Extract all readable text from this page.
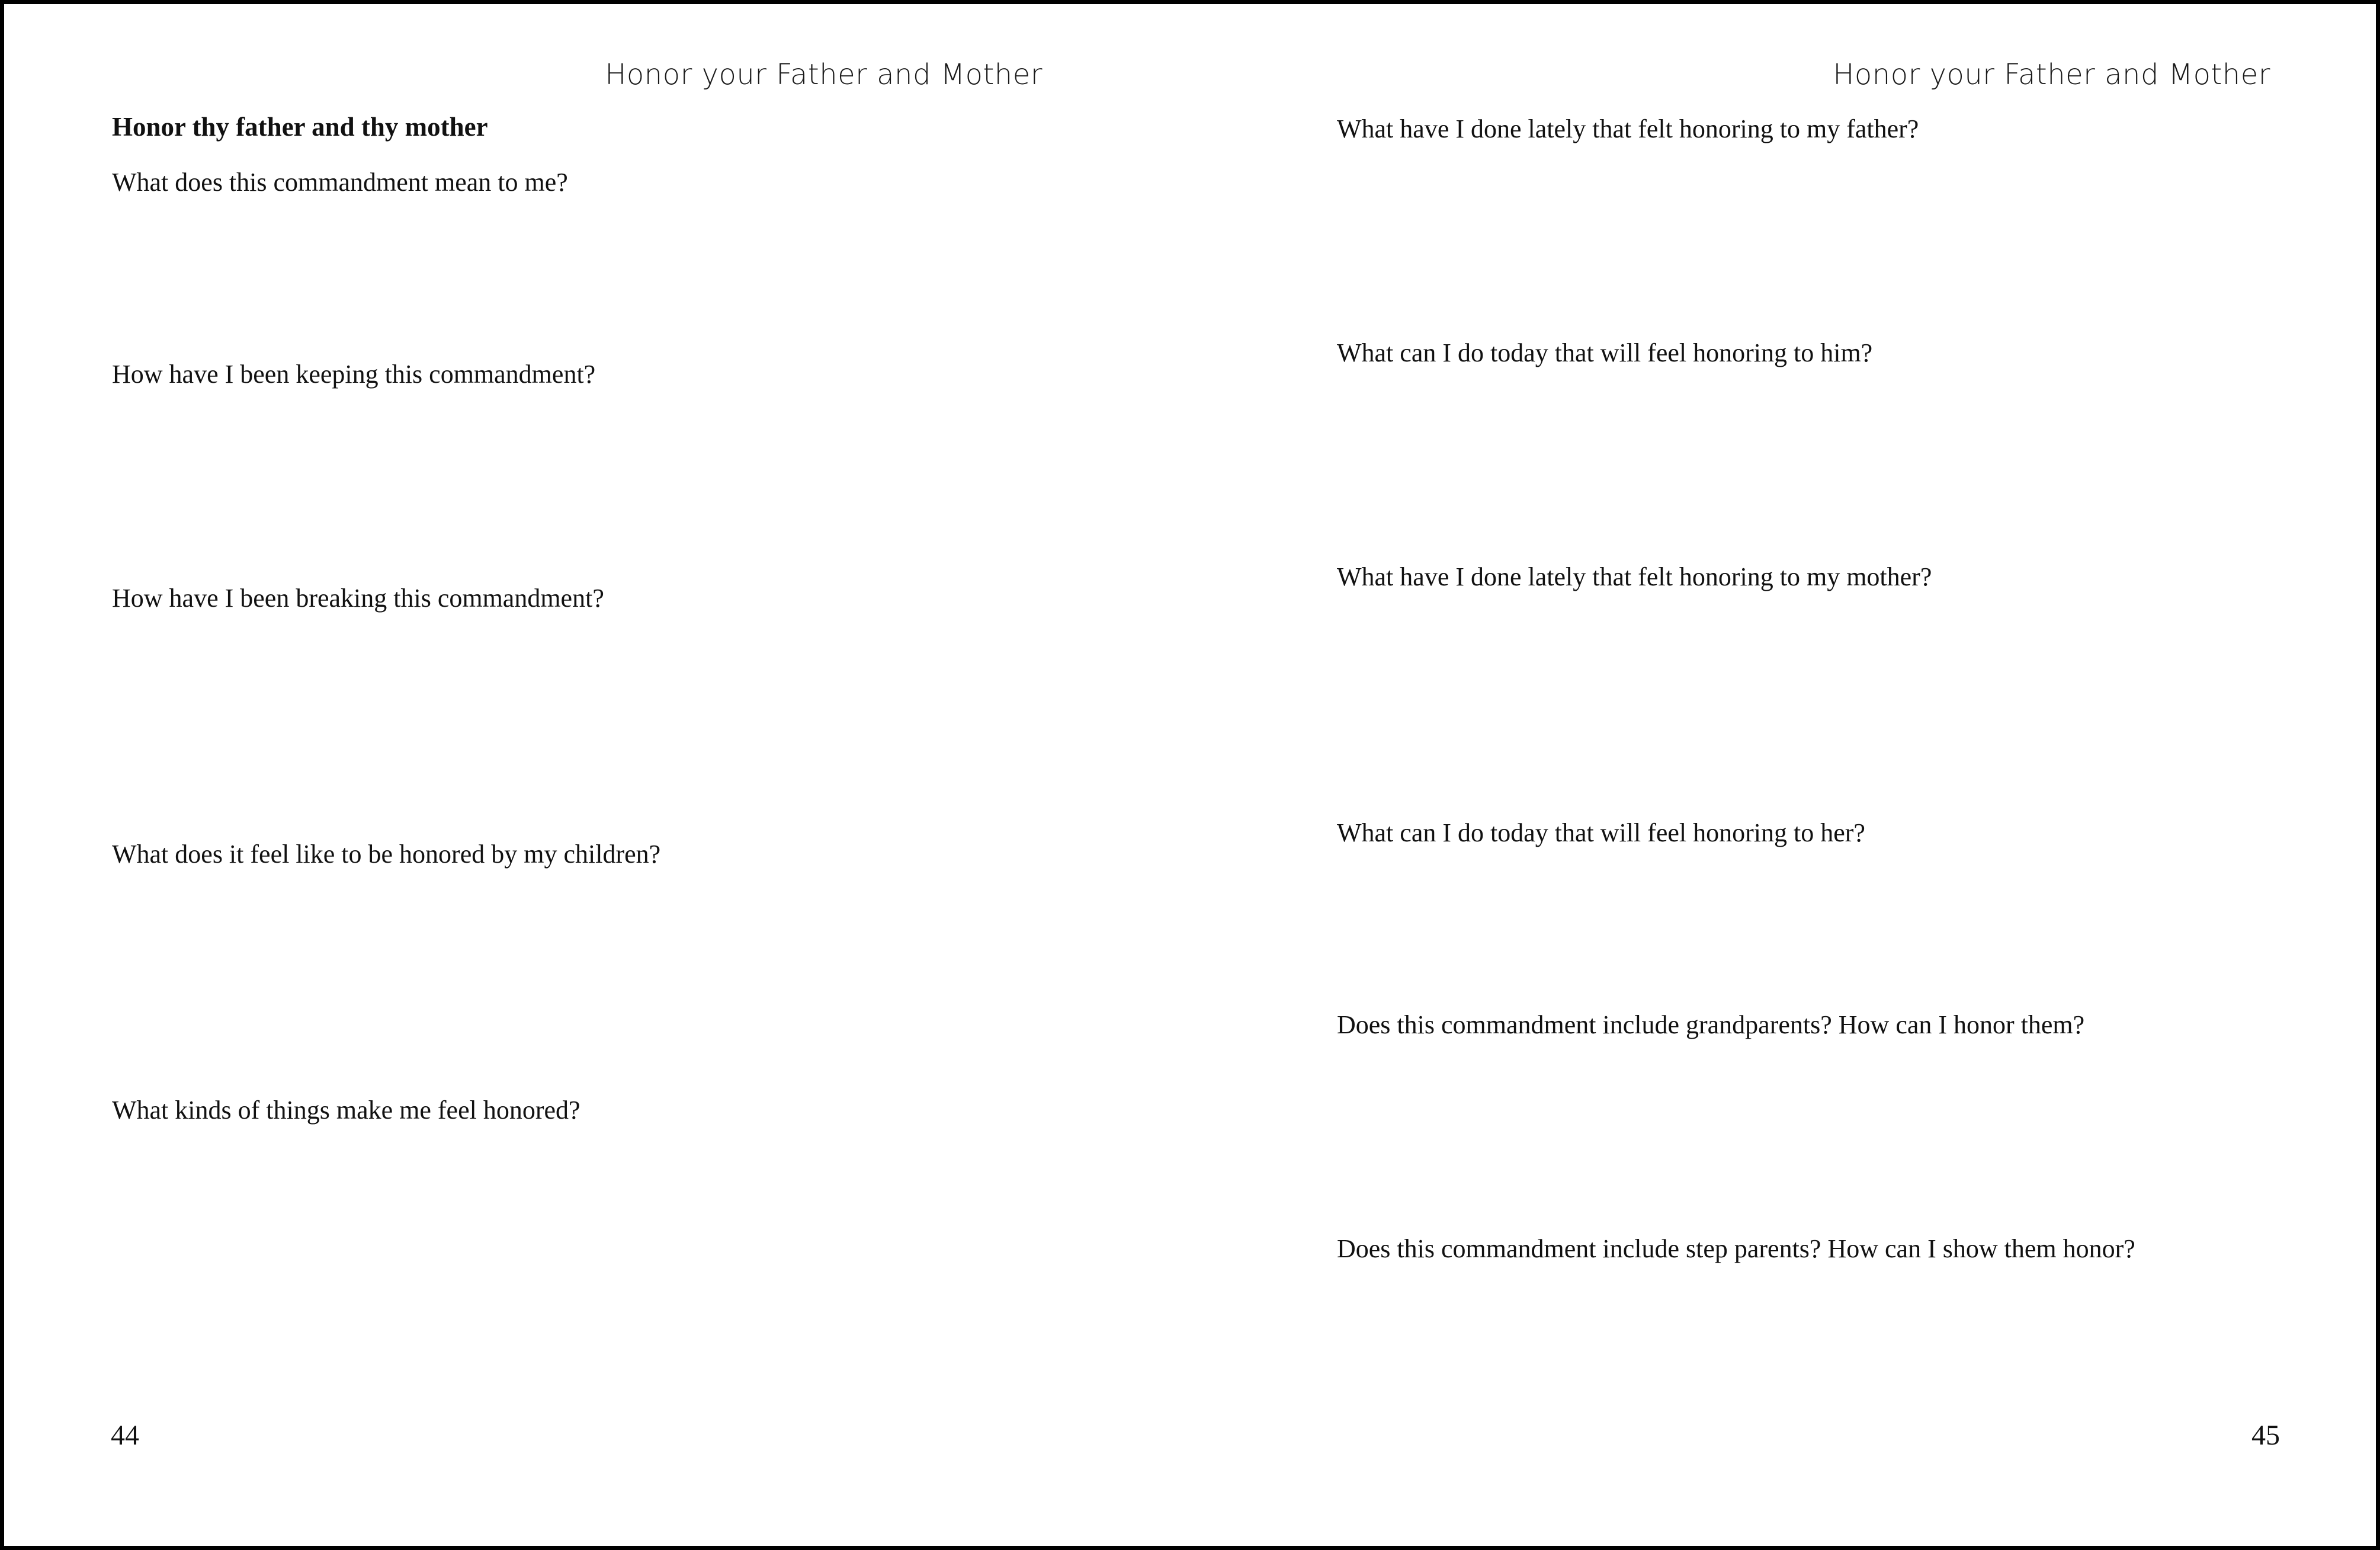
Honor your Father and Mother
Honor thy father and thy mother
What does this commandment mean to me?
How have I been keeping this commandment?
How have I been breaking this commandment?
What does it feel like to be honored by my children?
What kinds of things make me feel honored?
44
Honor your Father and Mother
What have I done lately that felt honoring to my father?
What can I do today that will feel honoring to him?
What have I done lately that felt honoring to my mother?
What can I do today that will feel honoring to her?
Does this commandment include grandparents? How can I honor them?
Does this commandment include step parents? How can I show them honor?
45
